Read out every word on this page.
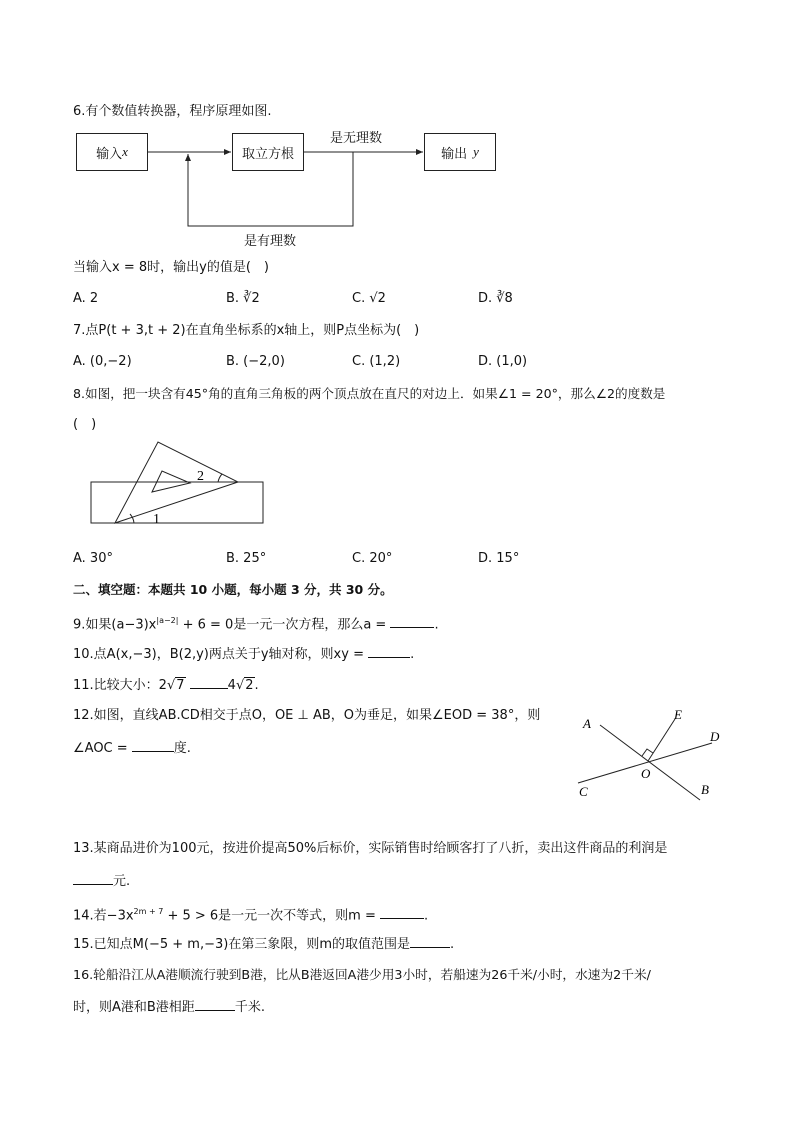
6.有个数值转换器，程序原理如图.
输入 x	取立方根	输出 y
是无理数
是有理数
当输入x = 8时，输出y的值是(　)
A. 2	B. ∛2	C. √2	D. ∛8
7.点P(t + 3,t + 2)在直角坐标系的x轴上，则P点坐标为(　)
A. (0,−2)	B. (−2,0)	C. (1,2)	D. (1,0)
8.如图，把一块含有45°角的直角三角板的两个顶点放在直尺的对边上．如果∠1 = 20°，那么∠2的度数是
(　)
1
2
A. 30°	B. 25°	C. 20°	D. 15°
二、填空题：本题共 10 小题，每小题 3 分，共 30 分。
9.如果$(a-3)x^{|a-2|} + 6 = 0$是一元一次方程，那么a =	.
10.点A(x,−3)，B(2,y)两点关于y轴对称，则xy =	.
11.比较大小：2√7	4√2.
12.如图，直线AB.CD相交于点O，OE ⊥ AB，O为垂足，如果∠EOD = 38°，则
∠AOC =	度.
A
E
D
O
C	B
13.某商品进价为100元，按进价提高50%后标价，实际销售时给顾客打了八折，卖出这件商品的利润是
元.
14.若$-3x^{2m + 7} + 5 > 6$是一元一次不等式，则m =	.
15.已知点M(−5 + m,−3)在第三象限，则m的取值范围是	.
16.轮船沿江从A港顺流行驶到B港，比从B港返回A港少用3小时，若船速为26千米/小时，水速为2千米/
时，则A港和B港相距	千米.
